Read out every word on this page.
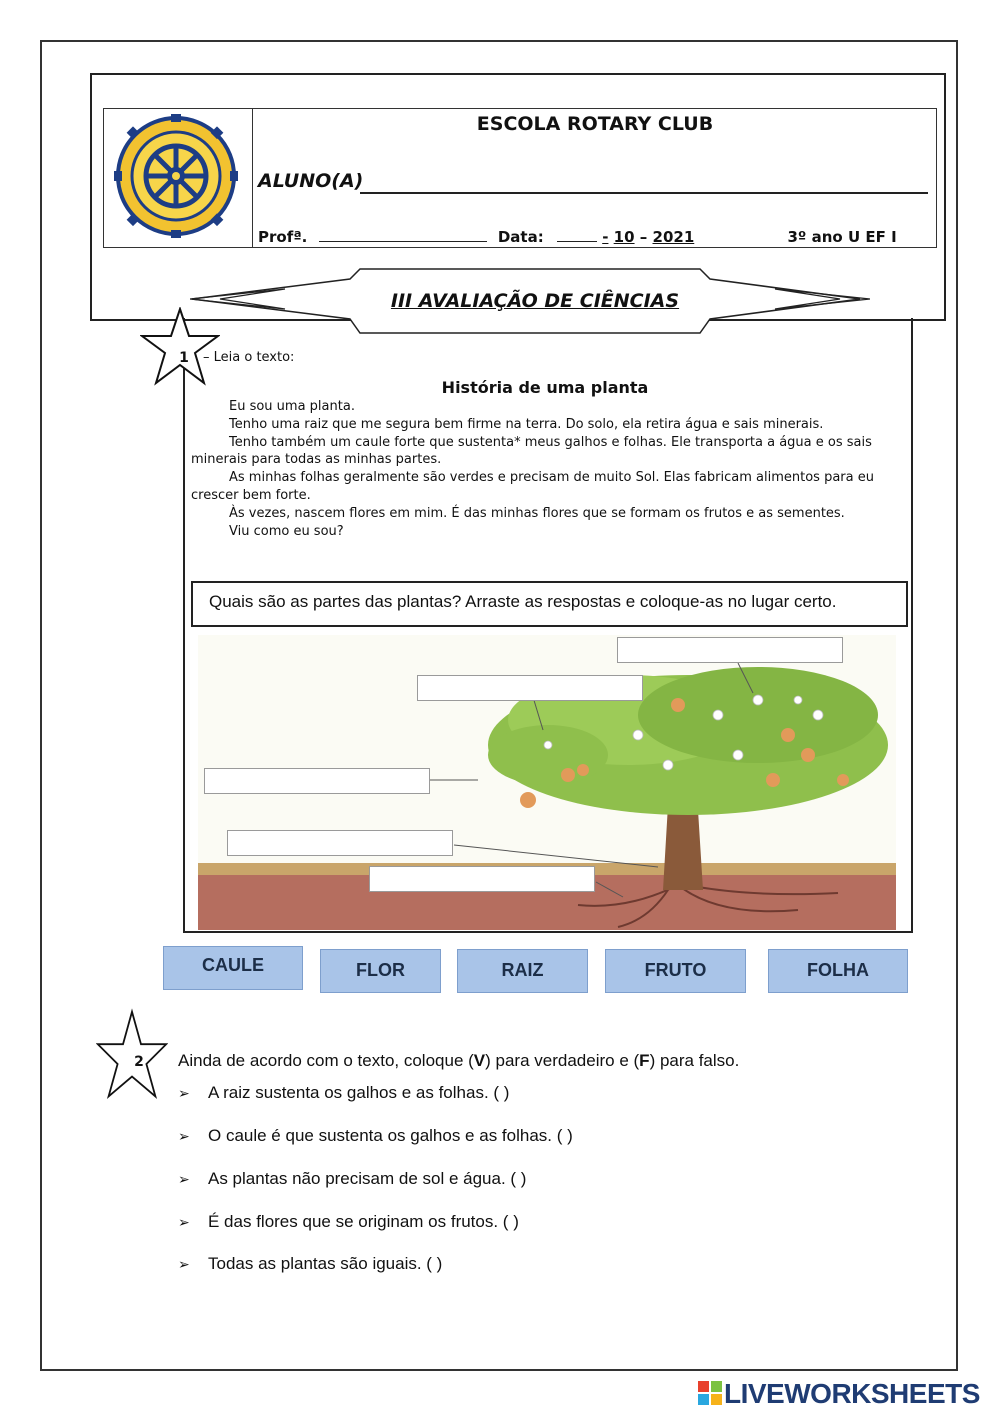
ESCOLA ROTARY CLUB
ALUNO(A)
Profª.	Data:	- 10 – 2021	3º ano U EF I
III AVALIAÇÃO DE CIÊNCIAS
1	– Leia o texto:
História de uma planta

Eu sou uma planta.

Tenho uma raiz que me segura bem firme na terra. Do solo, ela retira água e sais minerais.

Tenho também um caule forte que sustenta* meus galhos e folhas. Ele transporta a água e os sais minerais para todas as minhas partes.

As minhas folhas geralmente são verdes e precisam de muito Sol. Elas fabricam alimentos para eu crescer bem forte.

Às vezes, nascem flores em mim. É das minhas flores que se formam os frutos e as sementes.

Viu como eu sou?

Quais são as partes das plantas? Arraste as respostas e coloque-as no lugar certo.
CAULE	FLOR	RAIZ	FRUTO	FOLHA
2	Ainda de acordo com o texto, coloque (V) para verdadeiro e (F) para falso.
➢ A raiz sustenta os galhos e as folhas. ( )
➢ O caule é que sustenta os galhos e as folhas. ( )
➢ As plantas não precisam de sol e água. ( )
➢ É das flores que se originam os frutos. ( )
➢ Todas as plantas são iguais. ( )
LIVEWORKSHEETS
